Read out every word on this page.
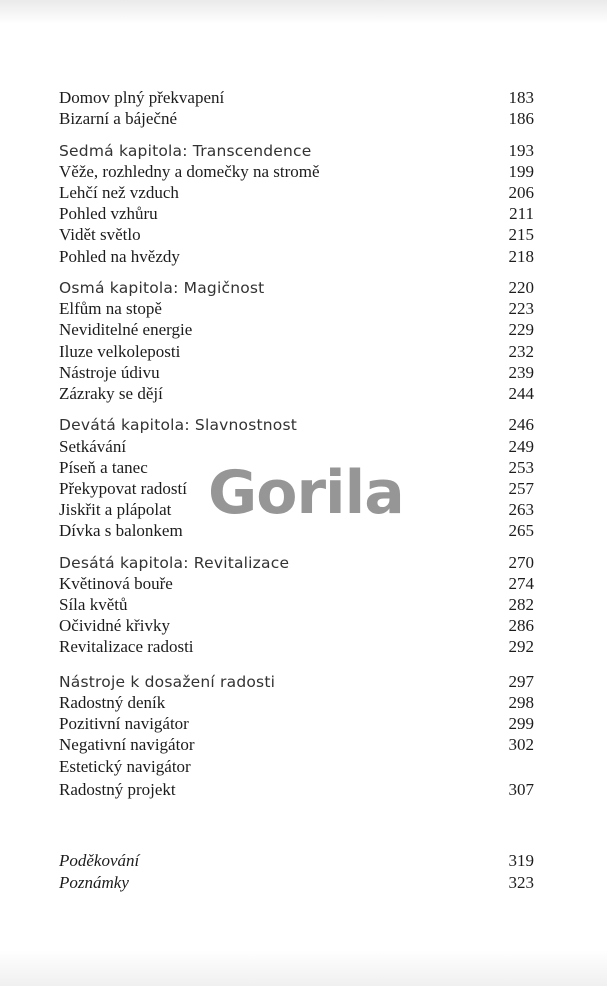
Domov plný překvapení	183
Bizarní a báječné	186
Sedmá kapitola: Transcendence	193
Věže, rozhledny a domečky na stromě	199
Lehčí než vzduch	206
Pohled vzhůru	211
Vidět světlo	215
Pohled na hvězdy	218
Osmá kapitola: Magičnost	220
Elfům na stopě	223
Neviditelné energie	229
Iluze velkoleposti	232
Nástroje údivu	239
Zázraky se dějí	244
Devátá kapitola: Slavnostnost	246
Setkávání	249
Píseň a tanec	253
Překypovat radostí	257
Jiskřit a plápolat	263
Dívka s balonkem	265
Desátá kapitola: Revitalizace	270
Květinová bouře	274
Síla květů	282
Očividné křivky	286
Revitalizace radosti	292
Nástroje k dosažení radosti	297
Radostný deník	298
Pozitivní navigátor	299
Negativní navigátor	302
Estetický navigátor
Radostný projekt	307
Poděkování	319
Poznámky	323
Gorila
